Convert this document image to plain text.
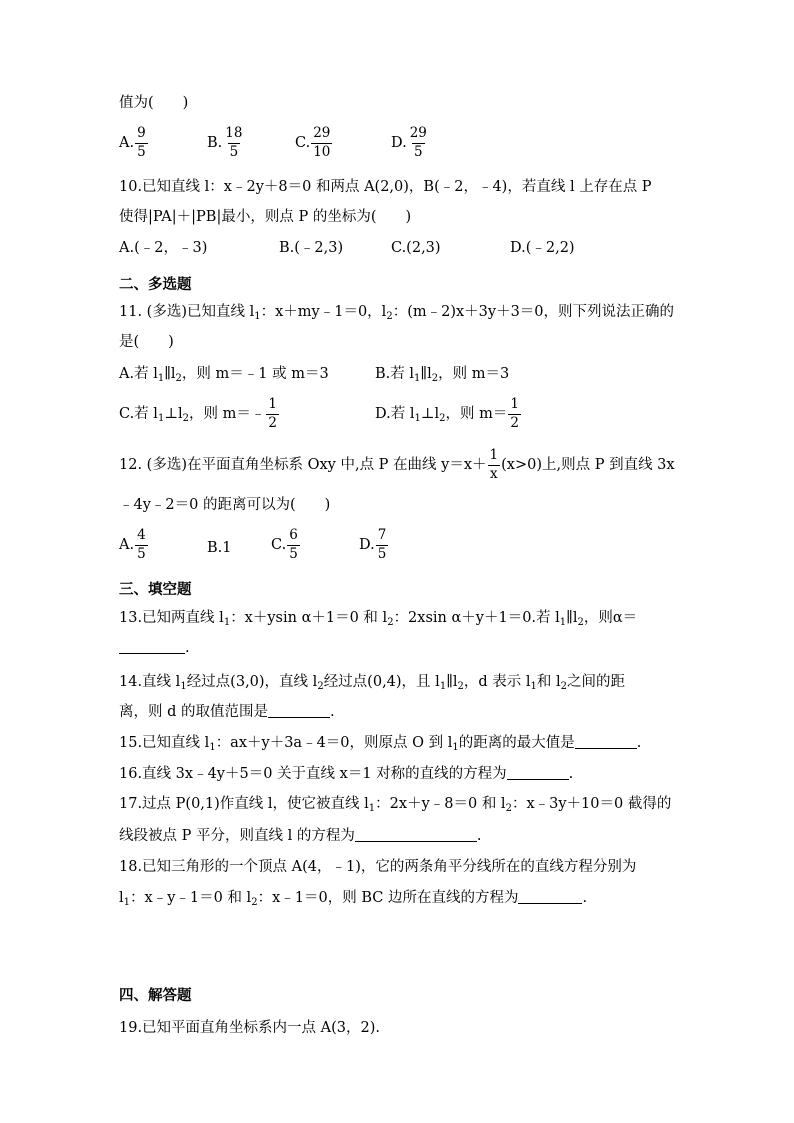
值为(　　)
A. $\frac{9}{5}$	B. $\frac{18}{5}$	C. $\frac{29}{10}$	D. $\frac{29}{5}$
10.已知直线 l：x﹣2y＋8＝0 和两点 A(2,0)，B(﹣2，﹣4)，若直线 l 上存在点 P
使得|PA|＋|PB|最小，则点 P 的坐标为(　　)
A.(﹣2，﹣3)	B.(﹣2,3)	C.(2,3)	D.(﹣2,2)
二、多选题
11. (多选)已知直线 $l_1$：x＋my﹣1＝0，$l_2$：(m﹣2)x＋3y＋3＝0，则下列说法正确的
是(　　)
A.若 $l_1\parallel l_2$，则 m＝﹣1 或 m＝3	B.若 $l_1\parallel l_2$，则 m＝3
C.若 $l_1\perp l_2$，则 m＝﹣ $\frac{1}{2}$	D.若 $l_1\perp l_2$，则 $m= \frac{1}{2}$
12. (多选)在平面直角坐标系 Oxy 中,点 P 在曲线 $y=x+ \frac{1}{x} (x>0)$上,则点 P 到直线 3x
﹣4y﹣2＝0 的距离可以为(　　)
A. $\frac{4}{5}$	B.1	C. $\frac{6}{5}$	D. $\frac{7}{5}$
三、填空题
13.已知两直线 $l_1$：x＋ysin α＋1＝0 和 $l_2$：2xsin α＋y＋1＝0.若 $l_1\parallel l_2$，则α＝
.
14.直线 $l_1$经过点(3,0)，直线 $l_2$经过点(0,4)，且 $l_1\parallel l_2$，d 表示 $l_1$和 $l_2$之间的距
离，则 d 的取值范围是	.
15.已知直线 $l_1$：ax＋y＋3a﹣4＝0，则原点 O 到 $l_1$的距离的最大值是	.
16.直线 3x﹣4y＋5＝0 关于直线 x＝1 对称的直线的方程为	.
17.过点 P(0,1)作直线 l，使它被直线 $l_1$：2x＋y﹣8＝0 和 $l_2$：x﹣3y＋10＝0 截得的
线段被点 P 平分，则直线 l 的方程为	.
18.已知三角形的一个顶点 A(4，﹣1)，它的两条角平分线所在的直线方程分别为
$l_1$：x﹣y﹣1＝0 和 $l_2$：x﹣1＝0，则 BC 边所在直线的方程为	.
四、解答题
19.已知平面直角坐标系内一点 A(3，2).
